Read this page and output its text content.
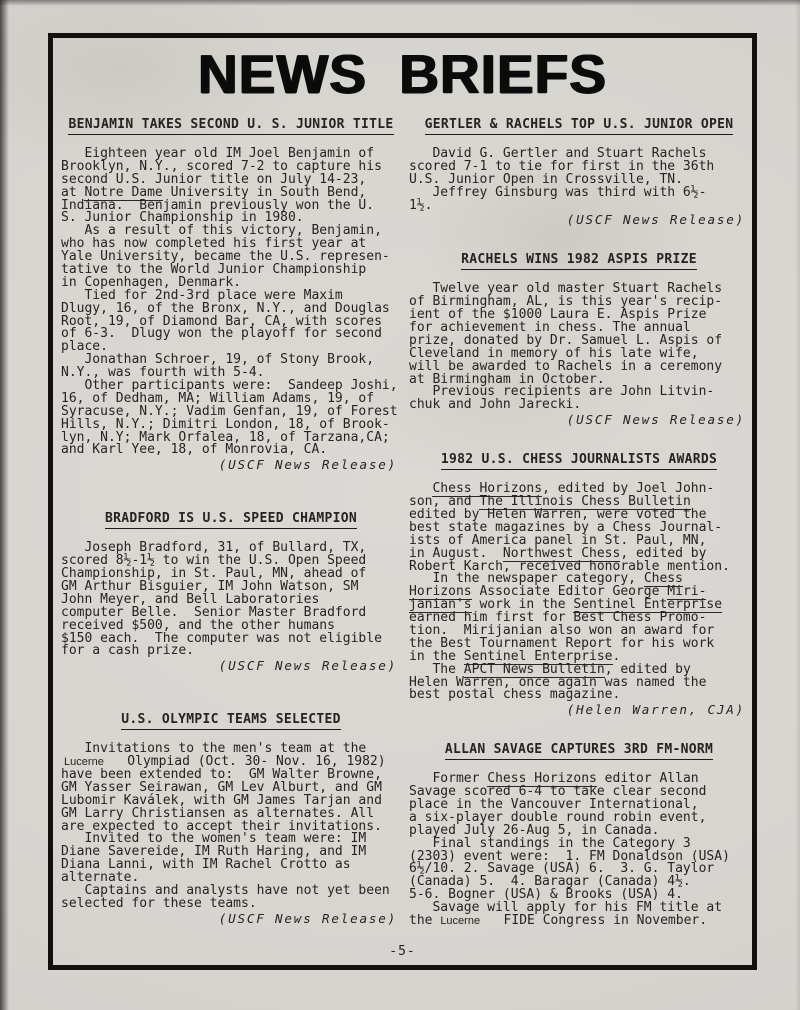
NEWS BRIEFS
BENJAMIN TAKES SECOND U. S. JUNIOR TITLE
Eighteen year old IM Joel Benjamin of
Brooklyn, N.Y., scored 7-2 to capture his
second U.S. Junior title on July 14-23,
at Notre Dame University in South Bend,
Indiana.  Benjamin previously won the U.
S. Junior Championship in 1980.
As a result of this victory, Benjamin,
who has now completed his first year at
Yale University, became the U.S. represen-
tative to the World Junior Championship
in Copenhagen, Denmark.
Tied for 2nd-3rd place were Maxim
Dlugy, 16, of the Bronx, N.Y., and Douglas
Root, 19, of Diamond Bar, CA, with scores
of 6-3.  Dlugy won the playoff for second
place.
Jonathan Schroer, 19, of Stony Brook,
N.Y., was fourth with 5-4.
Other participants were:  Sandeep Joshi,
16, of Dedham, MA; William Adams, 19, of
Syracuse, N.Y.; Vadim Genfan, 19, of Forest
Hills, N.Y.; Dimitri London, 18, of Brook-
lyn, N.Y; Mark Orfalea, 18, of Tarzana,CA;
and Karl Yee, 18, of Monrovia, CA.
(USCF News Release)
BRADFORD IS U.S. SPEED CHAMPION
Joseph Bradford, 31, of Bullard, TX,
scored 8½-1½ to win the U.S. Open Speed
Championship, in St. Paul, MN, ahead of
GM Arthur Bisguier, IM John Watson, SM
John Meyer, and Bell Laboratories
computer Belle.  Senior Master Bradford
received $500, and the other humans
$150 each.  The computer was not eligible
for a cash prize.
(USCF News Release)
U.S. OLYMPIC TEAMS SELECTED
Invitations to the men's team at the
Lucerne   Olympiad (Oct. 30- Nov. 16, 1982)
have been extended to:  GM Walter Browne,
GM Yasser Seirawan, GM Lev Alburt, and GM
Lubomir Kaválek, with GM James Tarjan and
GM Larry Christiansen as alternates. All
are expected to accept their invitations.
Invited to the women's team were: IM
Diane Savereide, IM Ruth Haring, and IM
Diana Lanni, with IM Rachel Crotto as
alternate.
Captains and analysts have not yet been
selected for these teams.
(USCF News Release)
GERTLER & RACHELS TOP U.S. JUNIOR OPEN
David G. Gertler and Stuart Rachels
scored 7-1 to tie for first in the 36th
U.S. Junior Open in Crossville, TN.
Jeffrey Ginsburg was third with 6½-
1½.
(USCF News Release)
RACHELS WINS 1982 ASPIS PRIZE
Twelve year old master Stuart Rachels
of Birmingham, AL, is this year's recip-
ient of the $1000 Laura E. Aspis Prize
for achievement in chess. The annual
prize, donated by Dr. Samuel L. Aspis of
Cleveland in memory of his late wife,
will be awarded to Rachels in a ceremony
at Birmingham in October.
Previous recipients are John Litvin-
chuk and John Jarecki.
(USCF News Release)
1982 U.S. CHESS JOURNALISTS AWARDS
Chess Horizons, edited by Joel John-
son, and The Illinois Chess Bulletin
edited by Helen Warren, were voted the
best state magazines by a Chess Journal-
ists of America panel in St. Paul, MN,
in August.  Northwest Chess, edited by
Robert Karch, received honorable mention.
In the newspaper category, Chess
Horizons Associate Editor George Miri-
janian's work in the Sentinel Enterprise
earned him first for Best Chess Promo-
tion.  Mirijanian also won an award for
the Best Tournament Report for his work
in the Sentinel Enterprise.
The APCT News Bulletin, edited by
Helen Warren, once again was named the
best postal chess magazine.
(Helen Warren, CJA)
ALLAN SAVAGE CAPTURES 3RD FM-NORM
Former Chess Horizons editor Allan
Savage scored 6-4 to take clear second
place in the Vancouver International,
a six-player double round robin event,
played July 26-Aug 5, in Canada.
Final standings in the Category 3
(2303) event were:  1. FM Donaldson (USA)
6½/10. 2. Savage (USA) 6.  3. G. Taylor
(Canada) 5.  4. Baragar (Canada) 4½.
5-6. Bogner (USA) & Brooks (USA) 4.
Savage will apply for his FM title at
the Lucerne   FIDE Congress in November.
-5-
